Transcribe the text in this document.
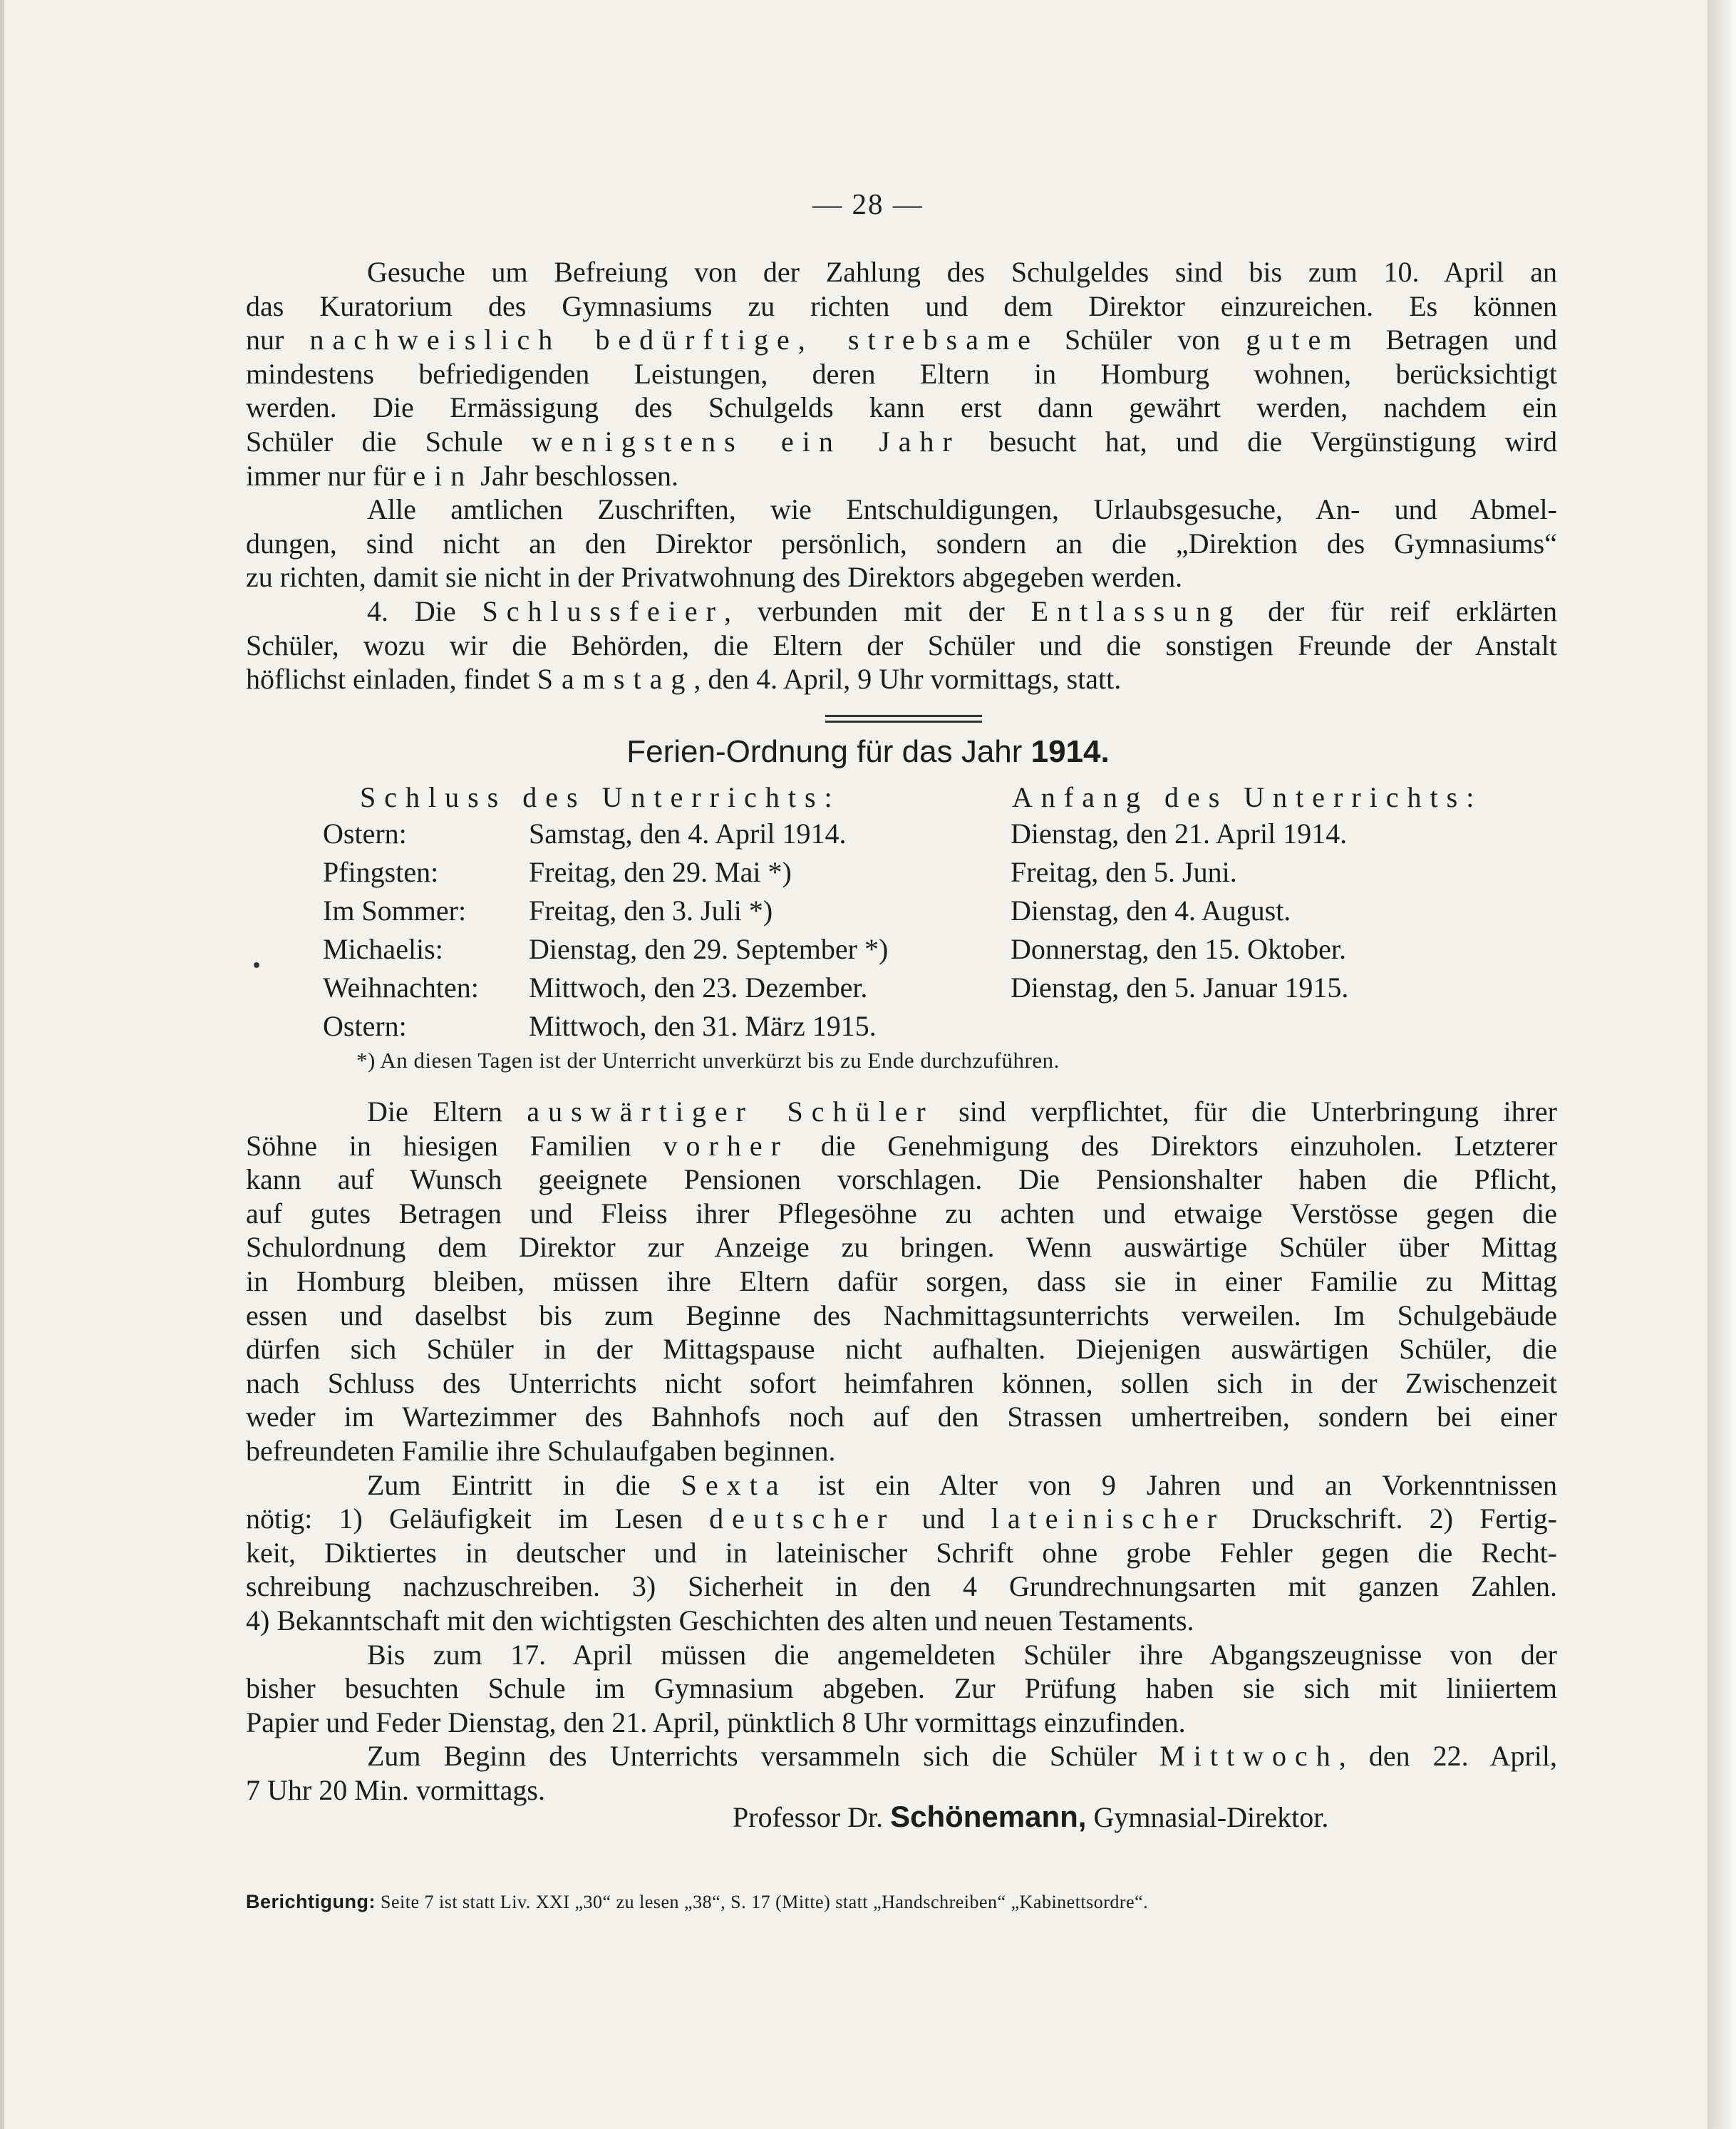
— 28 —

Gesuche um Befreiung von der Zahlung des Schulgeldes sind bis zum 10. April an

das Kuratorium des Gymnasiums zu richten und dem Direktor einzureichen. Es können

nur nachweislich bedürftige, strebsame Schüler von gutem Betragen und

mindestens befriedigenden Leistungen, deren Eltern in Homburg wohnen, berücksichtigt

werden. Die Ermässigung des Schulgelds kann erst dann gewährt werden, nachdem ein

Schüler die Schule wenigstens ein Jahr besucht hat, und die Vergünstigung wird

immer nur für ein Jahr beschlossen.

Alle amtlichen Zuschriften, wie Entschuldigungen, Urlaubsgesuche, An- und Abmel-

dungen, sind nicht an den Direktor persönlich, sondern an die „Direktion des Gymnasiums“

zu richten, damit sie nicht in der Privatwohnung des Direktors abgegeben werden.

4. Die Schlussfeier, verbunden mit der Entlassung der für reif erklärten

Schüler, wozu wir die Behörden, die Eltern der Schüler und die sonstigen Freunde der Anstalt

höflichst einladen, findet Samstag, den 4. April, 9 Uhr vormittags, statt.

Ferien-Ordnung für das Jahr 1914.
Schluss des Unterrichts:	Anfang des Unterrichts:
Ostern:	Samstag, den 4. April 1914.	Dienstag, den 21. April 1914.
Pfingsten:	Freitag, den 29. Mai *)	Freitag, den 5. Juni.
Im Sommer: Freitag, den 3. Juli *)	Dienstag, den 4. August.
Michaelis:	Dienstag, den 29. September *)	Donnerstag, den 15. Oktober.
Weihnachten: Mittwoch, den 23. Dezember.	Dienstag, den 5. Januar 1915.
Ostern:	Mittwoch, den 31. März 1915.
*) An diesen Tagen ist der Unterricht unverkürzt bis zu Ende durchzuführen.

Die Eltern auswärtiger Schüler sind verpflichtet, für die Unterbringung ihrer

Söhne in hiesigen Familien vorher die Genehmigung des Direktors einzuholen. Letzterer

kann auf Wunsch geeignete Pensionen vorschlagen. Die Pensionshalter haben die Pflicht,

auf gutes Betragen und Fleiss ihrer Pflegesöhne zu achten und etwaige Verstösse gegen die

Schulordnung dem Direktor zur Anzeige zu bringen. Wenn auswärtige Schüler über Mittag

in Homburg bleiben, müssen ihre Eltern dafür sorgen, dass sie in einer Familie zu Mittag

essen und daselbst bis zum Beginne des Nachmittagsunterrichts verweilen. Im Schulgebäude

dürfen sich Schüler in der Mittagspause nicht aufhalten. Diejenigen auswärtigen Schüler, die

nach Schluss des Unterrichts nicht sofort heimfahren können, sollen sich in der Zwischenzeit

weder im Wartezimmer des Bahnhofs noch auf den Strassen umhertreiben, sondern bei einer

befreundeten Familie ihre Schulaufgaben beginnen.

Zum Eintritt in die Sexta ist ein Alter von 9 Jahren und an Vorkenntnissen

nötig: 1) Geläufigkeit im Lesen deutscher und lateinischer Druckschrift. 2) Fertig-

keit, Diktiertes in deutscher und in lateinischer Schrift ohne grobe Fehler gegen die Recht-

schreibung nachzuschreiben. 3) Sicherheit in den 4 Grundrechnungsarten mit ganzen Zahlen.

4) Bekanntschaft mit den wichtigsten Geschichten des alten und neuen Testaments.

Bis zum 17. April müssen die angemeldeten Schüler ihre Abgangszeugnisse von der

bisher besuchten Schule im Gymnasium abgeben. Zur Prüfung haben sie sich mit liniiertem

Papier und Feder Dienstag, den 21. April, pünktlich 8 Uhr vormittags einzufinden.

Zum Beginn des Unterrichts versammeln sich die Schüler Mittwoch, den 22. April,

7 Uhr 20 Min. vormittags.

Professor Dr. Schönemann, Gymnasial-Direktor.
Berichtigung: Seite 7 ist statt Liv. XXI „30“ zu lesen „38“, S. 17 (Mitte) statt „Handschreiben“ „Kabinettsordre“.
